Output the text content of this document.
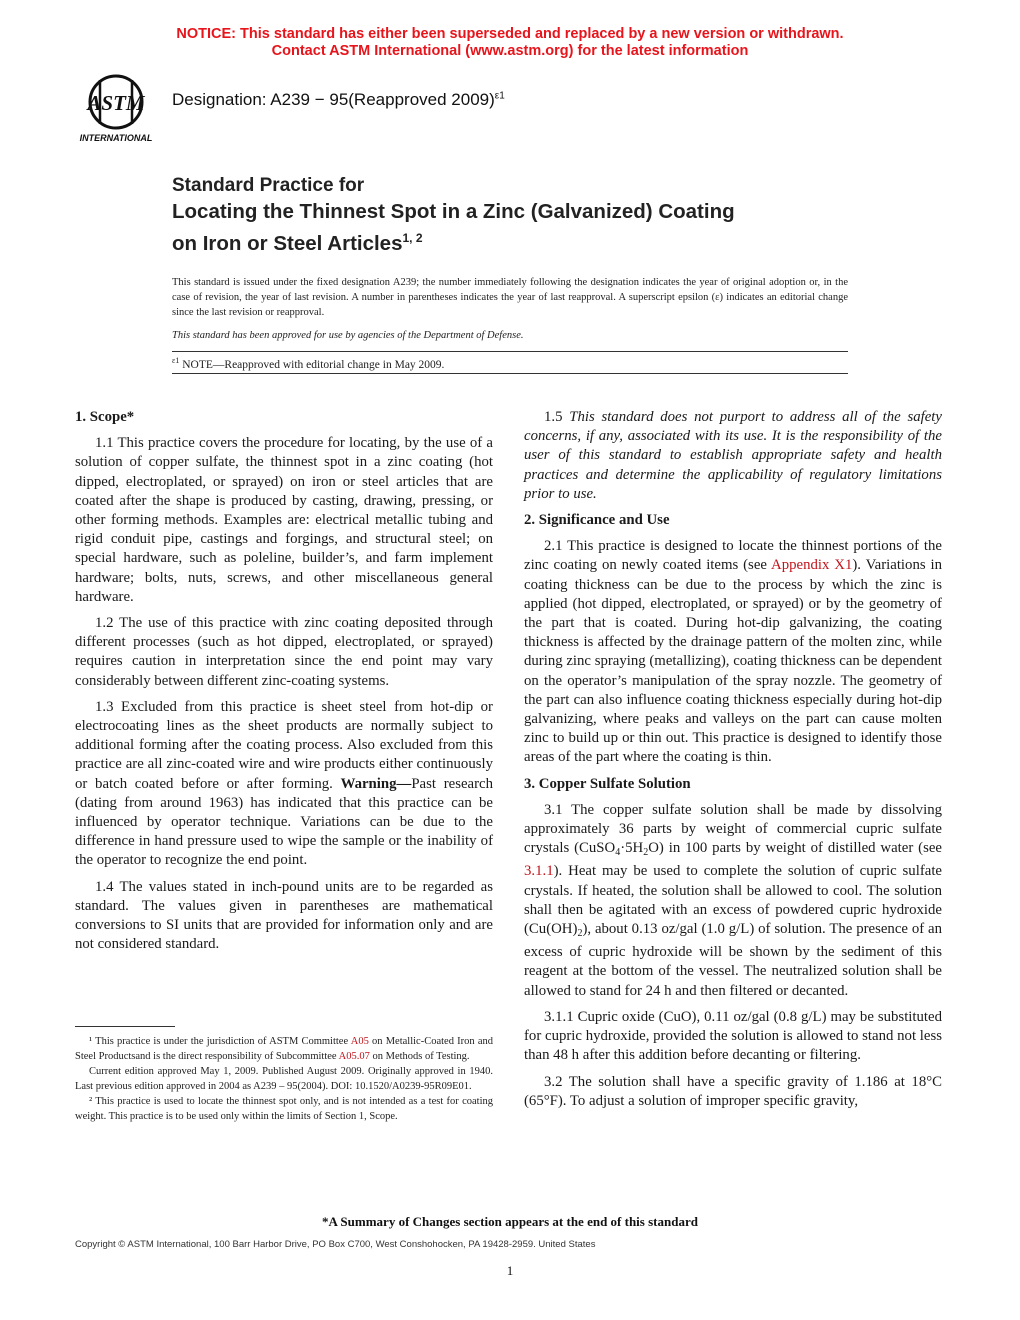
NOTICE: This standard has either been superseded and replaced by a new version or withdrawn.
Contact ASTM International (www.astm.org) for the latest information
ASTM
INTERNATIONAL
Designation: A239 − 95(Reapproved 2009)$^{\varepsilon 1}$
Standard Practice for
Locating the Thinnest Spot in a Zinc (Galvanized) Coating
on Iron or Steel Articles$^{1, 2}$
This standard is issued under the fixed designation A239; the number immediately following the designation indicates the year of original adoption or, in the case of revision, the year of last revision. A number in parentheses indicates the year of last reapproval. A superscript epsilon (ε) indicates an editorial change since the last revision or reapproval.
This standard has been approved for use by agencies of the Department of Defense.
$^{\varepsilon 1}$ NOTE—Reapproved with editorial change in May 2009.
1. Scope*

1.1 This practice covers the procedure for locating, by the use of a solution of copper sulfate, the thinnest spot in a zinc coating (hot dipped, electroplated, or sprayed) on iron or steel articles that are coated after the shape is produced by casting, drawing, pressing, or other forming methods. Examples are: electrical metallic tubing and rigid conduit pipe, castings and forgings, and structural steel; on special hardware, such as poleline, builder’s, and farm implement hardware; bolts, nuts, screws, and other miscellaneous general hardware.

1.2 The use of this practice with zinc coating deposited through different processes (such as hot dipped, electroplated, or sprayed) requires caution in interpretation since the end point may vary considerably between different zinc-coating systems.

1.3 Excluded from this practice is sheet steel from hot-dip or electrocoating lines as the sheet products are normally subject to additional forming after the coating process. Also excluded from this practice are all zinc-coated wire and wire products either continuously or batch coated before or after forming. Warning—Past research (dating from around 1963) has indicated that this practice can be influenced by operator technique. Variations can be due to the difference in hand pressure used to wipe the sample or the inability of the operator to recognize the end point.

1.4 The values stated in inch-pound units are to be regarded as standard. The values given in parentheses are mathematical conversions to SI units that are provided for information only and are not considered standard.

¹ This practice is under the jurisdiction of ASTM Committee A05 on Metallic-Coated Iron and Steel Productsand is the direct responsibility of Subcommittee A05.07 on Methods of Testing.

Current edition approved May 1, 2009. Published August 2009. Originally approved in 1940. Last previous edition approved in 2004 as A239 – 95(2004). DOI: 10.1520/A0239-95R09E01.

² This practice is used to locate the thinnest spot only, and is not intended as a test for coating weight. This practice is to be used only within the limits of Section 1, Scope.

1.5 This standard does not purport to address all of the safety concerns, if any, associated with its use. It is the responsibility of the user of this standard to establish appropriate safety and health practices and determine the applicability of regulatory limitations prior to use.

2. Significance and Use

2.1 This practice is designed to locate the thinnest portions of the zinc coating on newly coated items (see Appendix X1). Variations in coating thickness can be due to the process by which the zinc is applied (hot dipped, electroplated, or sprayed) or by the geometry of the part that is coated. During hot-dip galvanizing, the coating thickness is affected by the drainage pattern of the molten zinc, while during zinc spraying (metallizing), coating thickness can be dependent on the operator’s manipulation of the spray nozzle. The geometry of the part can also influence coating thickness especially during hot-dip galvanizing, where peaks and valleys on the part can cause molten zinc to build up or thin out. This practice is designed to identify those areas of the part where the coating is thin.

3. Copper Sulfate Solution

3.1 The copper sulfate solution shall be made by dissolving approximately 36 parts by weight of commercial cupric sulfate crystals $(CuSO_4\cdot 5H_2O)$ in 100 parts by weight of distilled water (see 3.1.1). Heat may be used to complete the solution of cupric sulfate crystals. If heated, the solution shall be allowed to cool. The solution shall then be agitated with an excess of powdered cupric hydroxide $(Cu(OH)_2)$, about 0.13 oz/gal (1.0 g/L) of solution. The presence of an excess of cupric hydroxide will be shown by the sediment of this reagent at the bottom of the vessel. The neutralized solution shall be allowed to stand for 24 h and then filtered or decanted.

3.1.1 Cupric oxide (CuO), 0.11 oz/gal (0.8 g/L) may be substituted for cupric hydroxide, provided the solution is allowed to stand not less than 48 h after this addition before decanting or filtering.

3.2 The solution shall have a specific gravity of 1.186 at 18°C (65°F). To adjust a solution of improper specific gravity,

*A Summary of Changes section appears at the end of this standard
Copyright © ASTM International, 100 Barr Harbor Drive, PO Box C700, West Conshohocken, PA 19428-2959. United States
1
